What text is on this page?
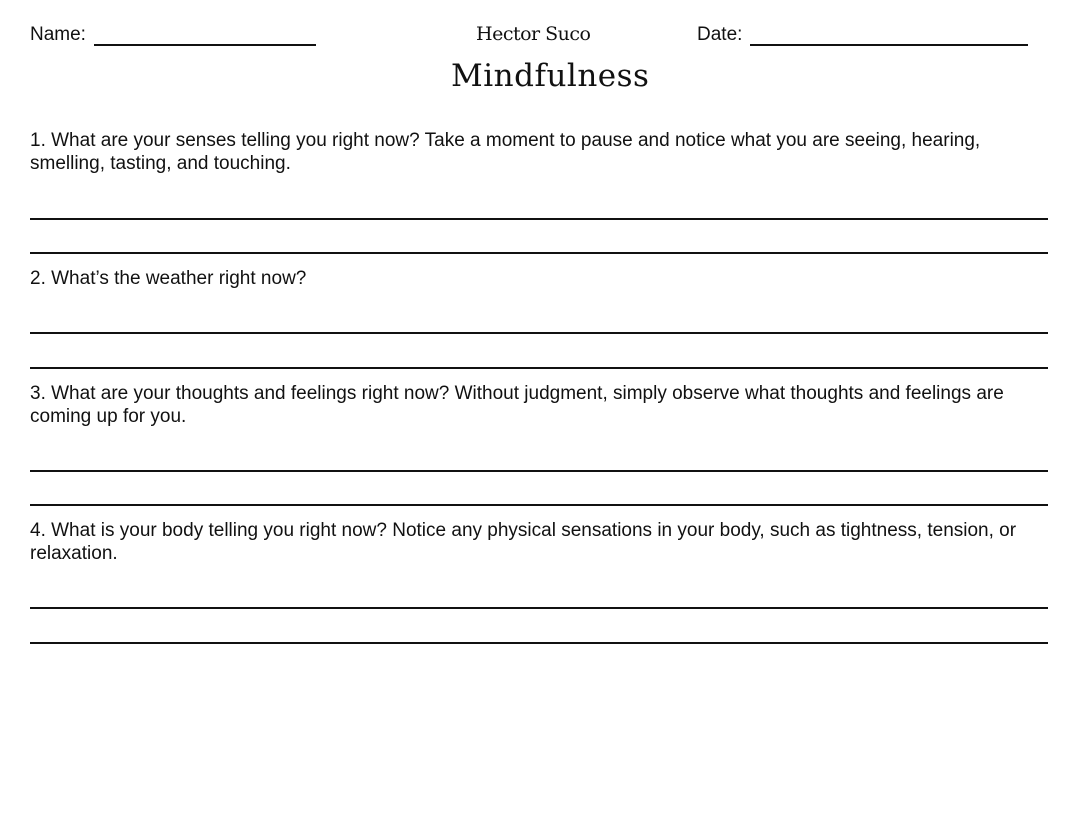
Name:	Hector Suco	Date:
Mindfulness
1. What are your senses telling you right now? Take a moment to pause and notice what you are seeing, hearing, smelling, tasting, and touching.
2. What’s the weather right now?
3. What are your thoughts and feelings right now? Without judgment, simply observe what thoughts and feelings are coming up for you.
4. What is your body telling you right now? Notice any physical sensations in your body, such as tightness, tension, or relaxation.
